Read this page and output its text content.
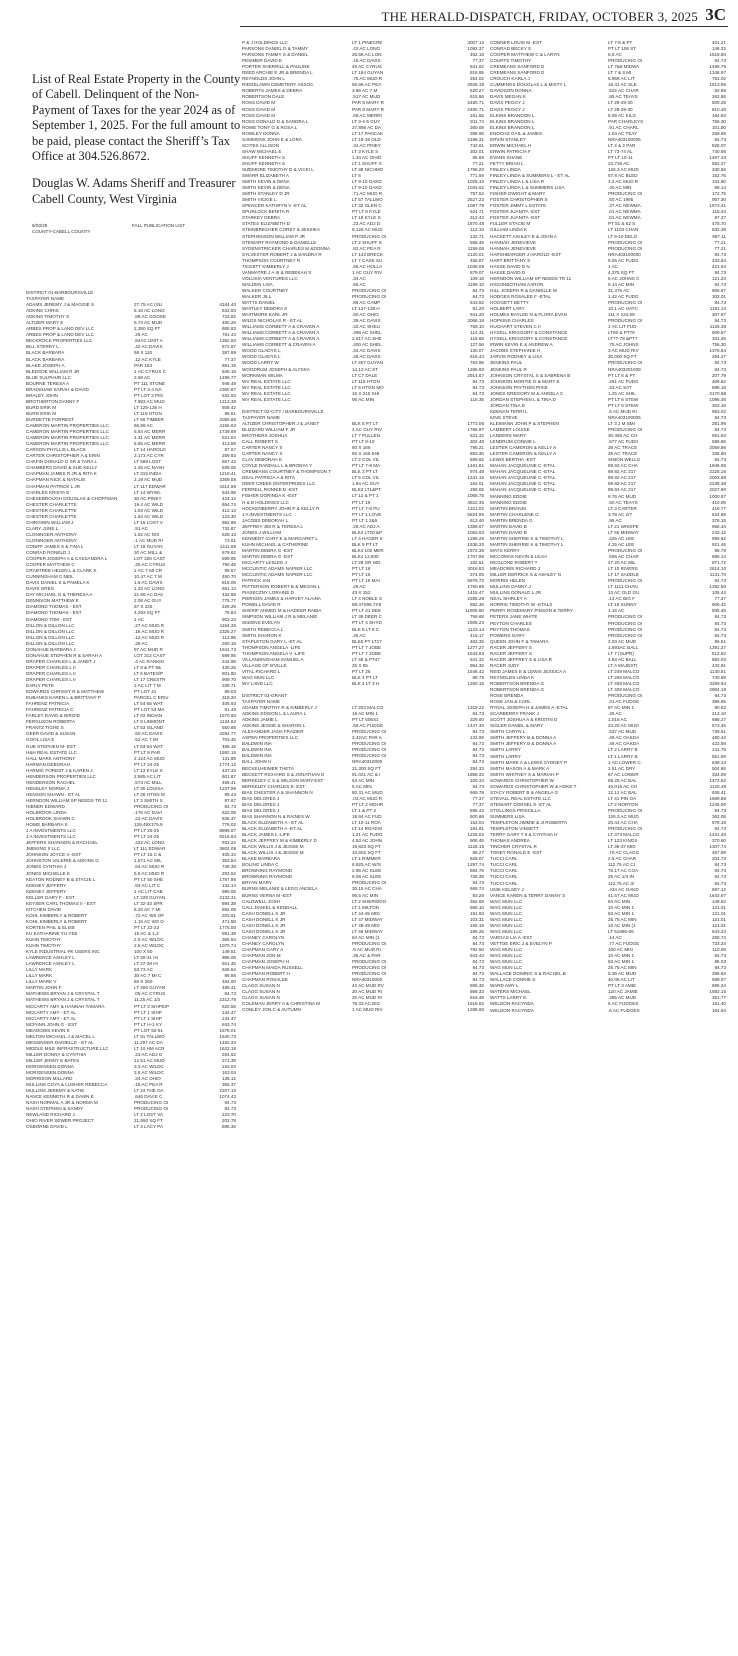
THE HERALD-DISPATCH, FRIDAY, OCTOBER 3, 2025 3C

List of Real Estate Property in the County of Cabell. Delinquent of the Non-Payment of Taxes for the year 2024 as of September 1, 2025. For the full amount to be paid, please contact the Sheriff’s Tax Office at 304.526.8672.

Douglas W. Adams Sheriff and Treasurer Cabell County, West Virginia
9/03/25	FALL PUBLICATION LIST
COUNTY-CABELL COUNTY
DISTRICT 01-BARBOURSVILLE
TAXPAYER NAME
ADAMS JEREMY J & MAGGIE S	27.75 AC (SU	4344.40
ADKINS CHRIS	5.16 AC LONG	532.83
ADKINS TIMOTHY S	.88 AC GOOSE	733.92
ALTIZER MARY E	5.73 AC MUD	480.26
ARBES PROP & LAND DEV LLC	2,350 SQ FT	685.83
ARBES PROP & LAND DEV LLC	.25 AC	761.44
BECKROCK PROPERTIES LLC	.84AC UNIT A	1362.50
BILL STERRY L	.42 AC DAVIS	572.87
BLACK BARBARA	58 X 110	387.69
BLACK BARBARA	.12 AC KYLE	77.37
BLAKE JOSEPH A	PAR 163	651.19
BLEDSOE WILLIAM R JR	1 AC CYRUS C	545.19
BLUE SULPHUR LLC	3.68 AC	1496.77
BOURNE TERESA A	PT 111 STONE	946.49
BRADSHAW SARAH & DAVID	PT LT 3-4 NA	2360.87
BRALEY JOHN	PT LOT 2 PIN	632.63
BROTHERTON DANNY F	7.983 AC MUD	1213.38
BURD ERIK M	LT 125-126 H	808.42
BURD ERIK M	LT 119 HTGN	96.51
BURDETTE FORREST	LT 66 TIMBER	2050.86
CAMERON MARTIN PROPERTIES LLC	66.99 AC	4155.63
CAMERON MARTIN PROPERTIES LLC	5.64 AC MERR	1739.69
CAMERON MARTIN PROPERTIES LLC	1.31 AC MERR	521.04
CAMERON MARTIN PROPERTIES LLC	5.65 AC MERR	413.59
CARSON PHYLLIS L BLACK	LT 14 HAROLD	87.67
CARTER CHRISTOPHER A & ERIN	3.173 AC CYR	289.93
CHAFIN DONALD G SR & TARA L	LT 669 LOST	557.42
CHAMBERS DAVID & SUE KELLY	1.45 AC NASH	839.05
CHAPMAN JAMES R JR & RITA K	LT 315 INDIA	1219.41
CHAPMAN NICK & NATALIE	2.19 AC MUD	3369.58
CHAPMAN PATRICK L JR	LT 117 EDWAR	4314.96
CHARLES KRISTA E	LT 14 WYWL	543.95
CHESEBROUGH DOUGLAS & CHOFFMAN	30 AC PINEY	424.12
CHESTER CHARLETTE	19.4 AC WILD	654.74
CHESTER CHARLETTE	1.03 AC WILD	412.13
CHESTER CHARLETTE	1.54 AC WILD	123.30
CHIRGWIN WILLIAM J	LT 16 LOST V	962.99
CLARY JUNE L	.91 AC	732.87
CLONINGER ANTHONY	1.62 AC N/S	528.13
CLONINGER ANTHONY	.1 AC MUD RI	73.61
CONIFF JAMES S & TINA L	LT 18 GUYAN	1411.68
CONRAD RONELD J	30 AC MILL &	679.62
COOPER JOSEPH A & CASSANDRA L	LOT 328 CAST	599.95
COOPER MATTHEW C	.25 AC CYRUS	790.45
CRABTREE HELEN L & CLARK K	1 AC 7 MI CR	95.57
CUNNINGHAM C NEIL	10.47 AC 7 M	450.70
DAVIS DANIEL S & PAMELA K	1.6 AC DAVIS	816.05
DAVIS GREG	1.23 AC LONG	651.13
DAY MICHAEL G & THERESA A	21.58 AC DAV	432.68
DENNISON MATTHEW E	2.08 AC GUY	775.77
DIAMOND THOMAS - EST	67 X 225	229.29
DIAMOND THOMAS - EST	4,293 SQ FT	78.84
DIAMOND TOM - EST	1 AC	903.23
DILLON & DILLON LLC	.27 AC MUD R	1154.35
DILLON & DILLON LLC	.16 AC MUD R	2325.27
DILLON & DILLON LLC	.12 AC MUD R	112.96
DILLON & DILLON LLC	.29 AC	260.19
DONAHUE BARBARA J	97 AC MUD R	1641.73
DONAHUE STEPHEN R & SARAH A	LOT 312 CAST	599.95
DRAPER CHARLES L & JANET J	.4 AC RANKIN	242.96
DRAPER CHARLES L II	LT 9 & PT 8&	430.26
DRAPER CHARLES L II	LT 6 BATES/P	801.60
DRAPER CHARLES L II	LT 17 CRESTR	909.70
EARLY PETE	1 AC LIT 7 M	339.71
EDWARDS CHRISSY R & MATTHEW	PT LOT 41	89.03
EUBANKS KAREN L & BRITTANY P	PARCEL C ERIV	318.20
FAHRENZ PATRICIA	LT 54-55 WAT	405.93
FAHRENZ PATRICIA C	PT LOT 53 MA	81.48
FARLEY DAVID & BIRGID	LT 63 INDIAN	1570.60
FERGUSON ROBERTA	LT 8 LINMONT	1134.62
FRANTZ TIGHE S	LT 53 ISLAND	550.88
GEER DAVID & SUSAN	.60 AC DAVIS	3284.77
GOOL LISA E	.52 AC 7 MI	703.46
GUE STEPHEN M- EST	LT 63-64 WAT	485.15
H&H REAL ESTATE LLC	PT LT 8 PAR	1592.15
HALL MARK ANTHONY	2.124 AC MUD	131.98
HARMAN DEBORAH	PT LT 24-25	1774.12
HARMIC FOREST J & KAREN J	LT 13 KYLE S	437.33
HENDERSON PROPERTIES LLC	2.585 AC LIT	601.87
HENDERSON RACHEL	.574 AC MILL	465.41
HENSLEY NORMA J	LT 30 LOUISA	1237.99
HENSON SHAWN - ET AL	LT 26 HTGN M	89.43
HERNDON WILLIAM SP NEEDS TR 11	LT 3 SMITH S	87.67
HIBNER EDWARD	PRODUCING OI	84.73
HOLBROOK LINDA	.176 AC DAVI	622.06
HOLBROOK SHAWN C	.23 AC DAVIS	826.37
HOWE BARBARA S	129.49X175.9	776.02
J A INVESTMENTS LLC	PT LT 25-26	8899.67
J A INVESTMENTS LLC	PT LT 24-25	8216.64
JEFFERS SHANNON & RACHAEL	.422 AC LONG	933.22
JMEKING II LLC	LT 111 EDWAR	3802.08
JOHNSON JOYCE V -EST	PT LT 15 C &	405.34
JOHNSTON VALERIE & ADKINS G	1,571 AC MIL	353.54
JONES CYNTHIA J	.64 AC MUD R	749.38
JONES MICHELLE K	5.5 AC MUD R	293.52
KEATON RODNEY B & STACIE L	PT LT 50 SHE	1797.96
KEENEY JEFFERY	.84 AC LIT C	132.14
KEENEY JEFFERY	1 AC LIT CAB	980.05
KELLER GARY F - EST	LT 229 GUYAN	2133.31
KEYSER CARL THOMAS II - EST	LT 32-33 SPR	894.38
KITCHEN DAVID	6.20 AC 7 MI	892.09
KOHL KIMBERLY & ROBERT	.72 AC WS OF	203.91
KOHL KIMBERLY & ROBERT	1.15 AC WS O	471.58
KORTEN PHIL & ELISE	PT LT 22-23	1775.00
KU KATHARINE YU YEE	19 AC & 1,2	991.38
KUHN TIMOTHY	2.5 AC WILDC	365.54
KUHN TIMOTHY	2.5 AC WILDC	1070.74
KYLE INDUSTRIAL PK USERS INC	100 X 50	149.51
LAWRENCE ASHLEY L	LT 30-31 HI	995.06
LAWRENCE ASHLEY L	LT 27-28 HI	921.46
LILLY MARK	53.73 AC	626.54
LILLY MARK	30 AC 7 MI C	86.86
LILLY MARK V	50 X 260	484.00
MARTIN JOHN F	LT 406 GUYAN	488.41
MATHEWS BRYAN J & CRYSTAL T	.05 AC CYRUS	84.73
MATHEWS BRYAN J & CRYSTAL T	11.25 AC 1/2	2212.79
MCCARTY AMY & HANNAH TAMARA	PT LT 2 SHIPE/P	620.58
MCCARTY AMY - ET AL	PT LT 1 SHIP	134.47
MCCARTY AMY - ET AL	PT LT 1 SHIP	134.47
MCFANN JOHN G - EST	PT LT H-1 KY	843.74
MEADOWS KEVIN K	PT LOT 50-51	1578.01
MELTON MICHAEL J & MACEL L	LT 91 TALLWO	1640.73
MESSINGER DANIELLE - ET AL	11.297 AC DA	1482.34
MIDDLE MILE INFRASTRUCTURE LLC	LT 10 HM ACR	1622.18
MILLER DONNY & CYNTHIA	.23 AC ADJ G	264.62
MILLER JENNY E BATES	12.51 AC MUD	271.39
MORGENSEN DONNA	3.3 AC WILDC	153.04
MORGENSEN DONNA	3.8 AC WILDC	163.04
MORRISON MILLARD	.34 AC OHIO	136.12
MULLINS COYA & LUSHER REBECCA	.15 AC PEA R	355.37
MULLINS JEREMY & KATIE	LT 24 THE OA	2207.10
NANCE KENNETH R & DAWN E	.646 DAVIS C	1074.42
NASH NORMAL A JR & NORMA M	PRODUCING OI	84.73
NASH STEPHEN & SANDY	PRODUCING OI	84.73
NEWLAND RICHARD J	LT 2 LOST VA	223.70
OHIO RIVER SEWER PROJECT	21,550 SQ FT	202.78
OSBORNE DAVID L	LT 4 LACY PA	886.36
P & J HOLDINGS LLC	LT 1 PINECRE	3007.14
PARSONS DANIEL D & TAMMY	.42 AC LONG	1092.37
PARSONS TAMMY S & DANIEL	26.58 AC LON	462.18
PESIMER DAVID E	.16 AC DAVIS	77.37
PORTER SHERRILL & PAULINE	46 AC CYRUS	641.62
REED ARCHIE E JR & BRENDA L	LT 194 GUYAN	816.95
REYNOLDS JOHN L	.75 AC MUD R	254.02
RIDGELAWN CEMETERY ASSOC	56.96 AC PEA	2936.19
ROBERTS JAMES & DEBRA	3.66 AC 7 M	620.27
ROBERTSON DALE	.517 AC MUD	615.86
ROSS DAVID M	PAR 8 MARY R	2480.71
ROSS DAVID M	PAR 8 MARY R	2480.71
ROSS DAVID M	.69 AC MERRI	161.55
ROSS DONALD D & SANDRA L	LT 3-4-5 GUY	911.74
ROWE TONY G & ROSA L	27.866 AC DA	360.08
ROWLEY DONNA	LT 17 PANCAK	388.96
SAMMONS JOHN E & LORA	LT 18-19 OLD	2196.31
SCITES ALLISON	.34 AC PINEY	742.61
SHAW MICHAEL E	LT 3 KYLE S	302.01
SHUFF KENNETH S	1.34 AC OHIO	85.86
SHUFF KENNETH S	LT 1 SHUFF S	77.21
SIZEMORE TIMOTHY D & VICKI L	LT 38 NICHMO	1796.20
SMARR ELIZABETH A	LT 6	771.59
SMITH KEVIN & DENA	LT 9-10 OAKD	1025.10
SMITH KEVIN & DENA	LT 9-10 OAKD	1033.62
SMITH STANLEY D JR	.71 AC MUD R	797.52
SMITH VICKIE L	LT 57 TALLWO	2527.23
SPENCER KATHRYN V -ET AL	LT 32 GLEN C	1067.79
SPURLOCK BENITA R	PT LT 8 KYLE	624.71
STARKEY DEBRA	LT 18 KYLE S	312.43
STATES ELIZABETH D	.23 AC ADJ D	1670.48
STEINBRECHER COREY & JESSIKA	8.126 AC MUD	112.10
STEPHENSON WILLIAM P JR	PRODUCING OI	132.71
STEWART RAYMOND & DANIELLE	LT 2 SHUFF S	568.46
SYDENSTRICKER CHARLES M &DONNA	.82 AC PEA R	1159.06
SYLVESTER ROBERT J & SANDRA R	LT 143 BRECK	2120.01
THOMPSON COURTNEY R	LT 7 CASE SU	456.87
TICKETT KIMBERLY J	.56 AC HOLLA	1039.09
VANMATRE J A III & REBEKAH S	1 AC GUY RIV	879.07
VOLUSIA VENTURES LLC	.34 AC	109.18
WALDEN LISA	.56 AC	1199.10
WALKER COURTNEY	PRODUCING OI	84.73
WALKER JILL	PRODUCING OI	84.73
WATTS DANIEL	.86 AC CAMP	643.82
WHITLEY DEBORA S	LT 137-138 H	91.20
WHITMORE EARL JR	.50 AC OHIO	941.20
WILDS NICHOLAS R - ET AL	.39 AC DAVIS	2066.18
WILLIAMS CORBETT A & CRAVEN A	.32 AC SHELI	759.10
WILLIAMS CORBETT A & CRAVEN A	.498 AC SHEL	114.31
WILLIAMS CORBETT A & CRAVEN A	2.617 AC SHE	116.68
WILLIAMS CORBETT & CRAVEN A	.400 AC SHEL	127.56
WOOD GLADYS L	.34 AC DAVIS	130.07
WOOD GLADYS L	.28 AC DAVIS	616.44
WOOD LARRY W	LT 407 GUYAN	763.96
WOODRUM JOSEPH & ALYSSA	14.12 AC ST	1265.93
WORKMAN WILMA	LT C7 DALE	2914.67
WV REAL ESTATE LLC	LT 115 HTGN	84.73
WV REAL ESTATE LLC	LT 6 HTGN MO	84.73
WV REAL ESTATE LLC	15 X 215 SHI	84.73
WV REAL ESTATE LLC	95 AC MIN	115.35
DISTRICT 02-CITY / BARBOURSVILLE
TAXPAYER NAME
ALTIZER CHRISTOPHER J & JANET	BLK 5 PT LT	1773.06
BLIZZARD WILLIAM F JR	4 AC GUY RIV	1786.97
BROTHERS JOSHUA	LT 7 PULLEN	621.32
CALL ROBERT S	PT LT 9-10	302.49
CARTER NANCY S	60 X 166	795.21
CARTER NANCY S	60 X 166 648	883.30
CLAY DEBORAH K	LT 2 COL VIL	589.82
COYLE RANDALL L & BRONYA Y	PT LT 7-8 MA	1461.81
CREMEANS COURTNEY & THOMPSON T	BLK 3 PT LT	974.48
DEAL PATRICIA A & RITA	LT 5 COL VIL	1241.15
DEER CREEK ENTERPRISES LLC	1.94 AC GUY	162.01
FERRELL RONNIE D -EST	BLK3 LT1&PT	295.05
FISHER DORINDA K -EST	LT 12 & PT 1	1065.75
H & B HOLDINGS LLC	PT LT 19	4822.35
HOCKENBERRY JOHN P & KELLY R	PT LT 7-8 PU	1321.02
J A INVESTMENTS LLC	PT LT 1 LOVE	5824.95
JACOBS DEBORAH L	PT LT 1 2&5	613.46
JEFFREY JIM R & TERESA L	.28 AC ADJ A	1389.67
JONES J WILLIAM	BLK2 LT20 &P	1063.63
KENNEDY GARY E & MARGARET L	LT 4 HAGER S	1289.28
KUHN MICHAEL & CATHERINE	BLK 9 PT LT	1538.20
MARTIN DEBRA G -EST	BLK4 102 MER	1872.38
MARTIN DEBRA G -EST	BLK4 12,600	1707.96
MCCARTY LESLEE J	LT 28 GR WD	182.51
MCCLINTIC ADAMS NAPIER LLC	PT LT 16	3016.83
MCCLINTIC ADAMS NAPIER LLC	PT LT 16	374.05
PATRICK IAN	PT LT 18 MAI	5876.72
PATTERSON ROBERT B & MEGAN L	.25 AC	1760.96
PIASECZNY LORAINE D	43 X 152	1415.47
PIERSON JAMES & HARVEY ALAINA	LT 4 NOBLE S	2285.28
POWELL DAVID R	88.47X96.7X8	882.36
SHERIF AHMED M & HADEER RABIA	PT LT 41 DEE	11805.50
SIMPSON WILLIAM J R & MELANIE	LT 39 DEER C	759.68
SKEENS EVELYN	PT LT 4 SHYD	1906.23
SMITH REBECCA L	BLK 5 LT 8 C	1123.14
SMITH SHARON K	.25 AC	415.17
STAPLETON GARY L -ET AL	BLK5 PT LT17	462.35
THOMPSON ANGELA -LIFE	PT LT 7 JOBE	1277.27
THOMPSON ANGELA V -LIFE	PT LT 7 JOBE	1543.93
VILLANDINGHAM SAMUEL A	LT 48 & PT47	641.32
VILLAGE OF B'VILLE	25 X 65	954.35
VITAL RICHARD L	PT LT 26	1546.42
WAG MUN LLC	BLK 4 PT LT	88.75
WV LAND LLC	BLK 4 LT 3 H	1250.16
DISTRICT 03-GRANT
TAXPAYER NAME
ADAMS TIMOTHY R & KIMBERLY J	LT 203 MALCO	1319.22
ADKINS EDISON L & LAURA L	18 AC MIN 1	84.73
ADKINS JAMIE L	PT LT 506S1	329.00
ADKINS JESSIE & SHARON L	.59 AC FUDGE	1447.30
ALEXANDER JANA FRAZIER	PRODUCING OI	84.73
ASPEN PROPERTIES LLC	2.42AC PAR A	122.99
BALDWIN INA	PRODUCING OI	84.73
BALDWIN INA	PRODUCING OI	84.73
BALDWIN INA	PRODUCING OI	84.73
BALL JOHN H	NRA40310000	84.73
BECKELHEIMER THETA	21,300 SQ FT	284.33
BECKETT RICHARD S & JONATHAN D	91.021 AC & I	1868.32
BERKELEY C S & WILSON MARY-EST	63 AC MIN	100.34
BERKELEY CHARLES S- EST	5 AC MIN	84.73
BIAS CHESTER A & SHANNON N	80.31 AC MUD	669.78
BIAS DELORES J	.03 AC MUD R	77.37
BIAS DELORES J	PT LT 2 MOHR	77.37
BIAS DELORES J	LT 1 & PT 2	596.43
BIAS SHANNON N & RAINES W	18.84 AC FUD	500.66
BLACK ELIZABETH A - ET AL	LT 10-11 ROA	153.04
BLACK ELIZABETH A -ET AL	LT 14 ROADSI	191.91
BLACK JAMES L -LIFE	1.21 AC FUDG	1225.02
BLACK JEFFREY M & KIMBERLY D	4.53 AC JOHN	906.46
BLACK WILLIS J & JESSIE M	19,823 SQ FT	1128.15
BLACK WILLIS J & JESSIE M	10,802 SQ FT	98.27
BLAKE BARBARA	LT 1 RIMMER	826.07
BOLING LINDA C	6.925 AC W/S	1297.74
BROWNING RAYMOND	2.95 AC SLEE	684.75
BROWNING RAYMOND	6.08 AC SLEE	735.38
BRYAN MARY	PRODUCING OI	84.73
BURNS MELANIE & LEGG ANGELA	30.15 AC CHA	669.74
BURNS VERNA M -EST	96.5 AC MIN	93.26
CALDWELL JOSH	LT 2 SHERWOO	382.68
CALL DANIEL & KENDALL	LT 1 MILTON	965.10
CASH DONELL K JR	LT 44-45 MID	191.93
CASH DONELL K JR	LT 47 MIDWAY	103.31
CASH DONELL K JR	LT 48-49 MID	155.18
CASH DONELL K JR	LT 46 MIDWAY	196.26
CHANEY CAROLYN	84 AC MIN (1	84.73
CHANEY CAROLYN	PRODUCING OI	84.73
CHAPMAN GARY A	.8 AC MUD RI	792.50
CHAPMAN JON M	.36 AC & PAR	943.43
CHAPMAN JOSEPH H	PRODUCING OI	84.73
CHAPMAN MAIDA RUSSELL	PRODUCING OI	84.73
CHAPMAN ROBERT H	PRODUCING OI	84.73
CHAPMAN ROSALEE	NRA40310000	84.73
CLAGG SUSAN N	42 AC MUD RV	856.36
CLAGG SUSAN N	30 AC MUD RI	868.33
CLAGG SUSAN N	20 AC MUD RI	916.48
COLEMAN JERRY A & CHRISTINA M	78.33 AC BIG	1618.82
CONLEY JON C & AUTUMN	1 AC MUD RIV	1288.60
CONNER LOUIS M -EST	LT 7-8 & PT	401.21
CONRAD BECKY S	PT LT 106 ST	148.32
COOPER MATTHEW C & LARYN	5.6 AC	1516.80
COURTS TIMOTHY	PRODUCING OI	84.73
CREMEANS SANFORD D	LT 7&8 MIDWA	1485.76
CREMEANS SANFORD D	LT 7 & 8 MI	1348.97
CROUCH KARLA J	6.968 AC LIT	781.02
CUMMINGS DOUGLAS L & MISTY L	18.41 AC SLE	1613.96
DAVIDSON DONNA	.522 AC CHAR	92.96
DAVIS MEGAN K	.85 AC TEAYS	262.86
DAVIS PEGGY J	LT 28-29-30	500.28
DAVIS PEGGY J	LT 28-29-30	810.48
ELKINS BRANDON L	5.09 AC KILG	184.83
ELKINS BRANDON L	PAR CHARLEYS	756.30
ELKINS BRANDON L	.91 AC CHARL	101.80
ENOCHS GAIL & JAMES	1.04 AC TEAY	259.89
ERVIN STANLEY	NRA403100005	84.73
ERWIN MICHAEL H	LT 4 & 2 PAR	826.07
ERWIN PATRICIA F	LT 73-74 AL	740.69
EVANS SHANE	PT LT 10-11	1467.33
FETTY BRIAN L	23.728 AC	552.27
FINLEY LINDA	126.3 AC MUD	330.56
FINLEY LINDA & SUMMERS L - ET AL	67.8 AC BLED	162.75
FINLEY LINDA L & LISA R	3.2 AC MUD R	101.80
FINLEY LINDA L & SUMMERS LISA	.40 AC MIN	89.14
FISHER DWIGHT & MARY	PRODUCING OI	172.75
FOSTER CHRISTOPHER S	.50 AC 1995	957.30
FOSTER JIMMY L ESTATE	.37 AC NEWMA	1673.41
FOSTER JUANITA -EST	.01 AC NEWMA	115.44
FOSTER JUANITA -EST	.01 AC NEWMA	87.37
FULLER STACIE M	PT 51 & 52 S	475.70
GILLIAM LINDA K	LT 1103 CHAN	632.39
HACKETT ASHLEY E & JOHN A	LT 9-10 DELO	987.11
HANNAH JENEVIEVE	PRODUCING OI	77.21
HANNAH JENEVIEVE	PRODUCING OI	77.21
HARSHBARGER J HAROLD -EST	NRA403100000	84.73
HART BRITTANY S	9.25 AC FUDG	433.64
HASSE DAVID D N	1 AC	421.54
HASSE DAVID D	4,375 SQ FT	84.73
HERNDON WILLIAM SP NEEDS TR 11	5 AC JOHNS C	121.23
HIGGINBOTHAM AARON	9.14 AC MIN	84.73
HILL JOSEPH R & DANIELLE M	31.475 AC	905.57
HODGES ROSALEE F -ETAL	1.42 AC FUDG	302.01
HOGGETT BETTY	PRODUCING OI	84.73
HOLBERT LARY	10.1 AC HATC	1181.14
HOLMES BAYLEE N & FLORA EVAN	111 X 134.58	307.87
HOPKINS CHARLES	PRODUCING OI	84.73
HUGHART STEVEN C II	1 AC LIT FUD	1126.39
HYSELL KRIGGORY & CONSTANCE	LT80 & PT79	609.67
HYSELL KRIGGORY & CONSTANCE	LT77-78 &PT7	331.46
IRWIN KEVIN E & ANDREW A	.75 AC JOHNS	756.30
JACOBS STEPHANIE H	3 AC MUD RIV	1376.64
JARVIS RODNEY & LISA	30,000 SQ FT	294.27
JENKINS PAUL	PRODUCING OI	84.73
JENKINS PAUL R	NRA403201009	84.73
JOHNSON CRYSTAL S & SABRENA B	PT LT 6 & PT	207.79
JOHNSON MONTIE G & MARY E	.261 AC FUDG	406.52
JOHNSON PAYTHEN PIXIE	.33 AC SAT	888.18
JONES GREGORY M & ANGELA C	1.25 AC SHIL	2170.98
JORDAN STEPHEN L & TINA D	PT LT 6 STEW	1096.36
JORDAN TINA D	PT LT 6 STEW	303.18
KEENAN TERRI L	.5 AC MUD RI	953.02
KING STEVE	NRA403100005	84.73
KLEIMANN JOHN P & STEPHEN	LT 3 J M SMI	281.99
LAMBERT LOUISE	PRODUCING OI	84.73
LANDERS MARY	30.455 AC CH	691.53
LENDRUM CONNIE L	.577 AC FUDG	596.86
LESTER CAMERON & KELLY A	38 AC TRACE	2059.96
LESTER CAMERON & KELLY A	36 AC TRACE	338.80
LEWIS BERTHA -EST	SIMON WELLS	84.73
MAHAN JACQUELINE C -ETAL	89.92 AC CHA	1946.95
MAHAN JACQUELINE C -ETAL	89.92 AC 317	2225.16
MAHAN JACQUELINE C -ETAL	89.92 AC 217	2003.88
MAHAN JACQUELINE C -ETAL	89.92 AC 217	2238.38
MAHAN JACQUELINE C -ETAL	89.92 AC 217	2027.90
MANNING EDDIE	9.76 AC MUD	1000.97
MANNING EDDIE	.50 AC TEAYS	410.95
MARTIN BRANDI	LT 3 CARTER	419.77
MARTIN CHARLENE G	3.78 AC 2/7	524.88
MARTIN BRENDA G	.96 AC	378.15
MARTIN DAVID B	LT 21 WHISPE	966.44
MARTIN DAVID B	LT 55 MIDWAY	243.12
MARTIN SHERRIE K & TIMOTHY L	.425 AC LEE	995.82
MARTIN SHERRIE K & TIMOTHY L	4.25 AC LEE	921.46
MAYS KERRY	PRODUCING OI	86.79
MCCOMAS KEVIN & LEAH	.506 AC CHAR	886.14
MCGLONE ROBERT T	47.20 AC MIL	871.72
MEADOWS RICHARD J	LT 10 RIVERS	2614.10
MILLER DERRICK S & ASHLEY N	LT 17 SADDLE	1131.70
MORRIS HELEN	PRODUCING OI	84.73
MULLINS DANNY J	LT 1111 CHAN	1392.50
MULLINS DONALD L JR	13 AC OLD GU	105.44
NEAL SHIRLEY A	.13 AC BIG F	77.37
NORRIS TIMOTHY W -ETALS	LT 18 SUNNY	606.42
PERRY ROSEMARY PINSON & TERRY	1.16 AC	505.46
PETERS JANE WHITE	PRODUCING OI	84.73
PEYTON CHARLES	PRODUCING OI	84.73
PEYTON THOMAS	PRODUCING OI	84.73
POWERS GARY	PRODUCING OI	84.73
QUEEN JOHN F & TAMARA	2.03 AC MUD	96.51
RACER JEFFERY S	1.593AC BALL	1391.37
RACER JEFFERY S	LT 7 (SUPR)	512.52
RACER JEFFREY S & LISA R	4.83 AC BALL	892.03
RACER JUDY	LT A MAJESTI	433.91
REID JAMES E & LEWIS JESSICA A	LT 249 MALCO	1140.81
REYNOLDS LINDA K	LT 208 MALCO	740.99
ROBERTSON BRENDA G	LT 408 MALCO	3259.94
ROBERTSON BRENDA G	LT 408 MALCO	2984.18
ROSE BRENDA	PRODUCING OI	84.73
ROSE JAN & CARL	.31 AC FUDGE	396.95
RYNAL JOSEPH H & JAMES A -ETAL	87 AC MIN 1	90.62
SCARBERRY FRANK J	.46 AC	213.10
SCOTT JOSHUA A & KRISTIN D	1.016 AC	688.27
SIGLER DANIEL & MARY	24.20 AC MUD	573.45
SMITH CARYN L	.537 AC MUD	739.51
SMITH JEFFERY B & DONNA A	.49 AC OAKDA	480.42
SMITH JEFFERY B & DONNA A	.49 AC OAKDA	423.59
SMITH LARRY	LT 2 LARRY B	141.78
SMITH LARRY	LT 1 LARRY B	551.69
SMITH MARK A & LEWIS SYDNEY P	1 AC LOWER C	639.13
SMITH MASON A & MARK A	1.51 AC DRY	504.86
SMITH WHITNEY S & MARIAH P	67 AC LOWER	334.59
SOWARDS CHRISTOPHER W	69.25 AC BAL	1472.92
SOWARDS CHRISTOPHER W & HOKE T	40.015 AC CH	1120.49
STACY ROBERT B & ANGELA G	12.12 AC BAL	938.41
STEVALL REAL ESTATE LLC	LT 41 PIN OA	1669.88
STEWART DORSEL E -ET AL	LT 2 NORTON	1245.90
STOLLINGS PRISCILLA	PRODUCING OI	84.73
SUMMERS LISA	126.3 AC MUD	362.08
TEMPLETON JIMMIE & JI ROBERTA	20.44 AC CHA	578.19
TEMPLETON VINSETT	PRODUCING OI	84.73
TERRY GARY T II & CYNTHIA H	LT 373 MALCO	1431.40
THOMAS ANDREA	LT 123 KINGS	370.60
TINCHER CRYSTAL R	LT 36-37 MID	1307.74
TONEY RONALD E -EST	.70 AC CLAGG	457.89
TUCCI CARL	2.5 AC CHAR	204.73
TUCCI CARL	112.75 AC CI	84.73
TUCCI CARL	76.17 AC COA	84.73
TUCCI CARL	25 AC 1/4 IN	84.73
TUCCI CARL	112.75 AC 3/	84.73
UNIK KELSEY J	.434 AC OAKD	697.12
VANCE KAREN & TERRY DANNY S	41.67 AC MUD	1643.67
WAG MUN LLC	84 AC MIN	148.52
WAG MUN LLC	10 AC MIN 1	121.01
WAG MUN LLC	63 AC MIN 1	121.01
WAG MUN LLC	25.75 AC MIN	121.01
WAG MUN LLC	15 AC MIN (1	121.01
WAG MUN LLC	LT 51665-66	643.23
VARGAS LIA A -EST	.14 AC	268.74
VETTOE ERIC J & EVELYN P	.77 AC FUDGE	733.34
WAG MUN LLC	100 AC MIN	110.06
WAG MUN LLC	10 AC MIN 1	84.73
WAG MUN LLC	63 AC MIN 1	85.03
WAG MUN LLC	25.75 AC MIN	84.73
WALLACE DOMINIC S & RACHEL B	5.39 AC MUD	395.94
WALLACE CONNIE S	40.08 AC LIT	599.07
WARD AMY L	PT LT 3 AMIE	695.24
WATERS MICHAEL	120 AC JAMIE	1582.15
WATTS LARRY E	.385 AC MUD	361.77
WELDON RACYNDA	6 AC FUDGES	191.40
WELDON RACYNDA	.6 AC FUDGES	164.64
